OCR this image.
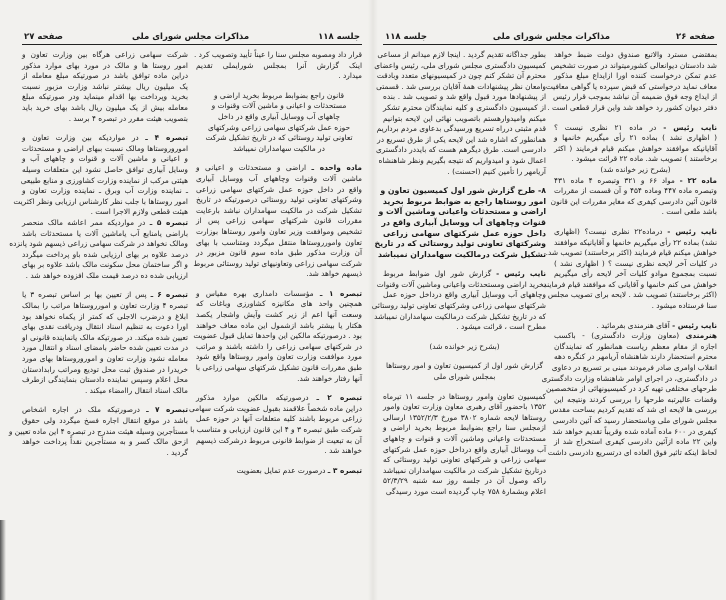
جلسه ۱۱۸
مذاکرات مجلس شورای ملی
صفحه ۲۷
قرار داد ومصوبه مجلس سنا را عیناً تأیید وتصویب کرد .
اینک گزارش آنرا بمجلس شورایملی تقدیم
میدارد .
قانون راجع بضوابط مربوط بخرید اراضی و
مستحدثات و اعیانی و ماشین آلات وقنوات و
چاههای آب ووسایل آبیاری واقع در داخل
حوزه عمل شرکتهای سهامی زراعی وشرکتهای
تعاونی تولید روستائی که در تاریخ تشکیل شرکت
در مالکیت سهامداران نمیباشد
ماده واحده ـ اراضی و مستحدثات و اعیانی و
ماشین آلات وقنوات وچاههای آب ووسایل آبیاری
واقع در داخل حوزه عمل شرکتهای سهامی زراعی
وشرکتهای تعاونی تولید روستائی درصورتیکه در تاریخ
تشکیل شرکت در مالکیت سهامداران نباشد بارعایت
مقررات قانون شرکتهای سهامی زراعی پس از
تشخیص وموافقت وزیر تعاون وامور روستاها بوزارت
تعاون وامورروستاها منتقل میگردد ومتناسب با بهای
آن وزارت مذکور طبق ماده سوم قانون مزبور در
شرکت سهامی زراعی وتعاونیهای تولید روستائی مربوط
ذیسهم خواهد شد.
تبصره ۱ ـ مؤسسات دامداری بهره مقیاس و
همچنین واحد های مکانیزه کشاورزی وباغات که
وسعت آنها اعم از زیر کشت وآیش واشجار یکصد
هکتار یا بیشتر باشد ازشمول این ماده معاف خواهند
بود . درصورتیکه مالکین این واحدها تمایل قبول عضویت
در شرکتهای سهامی زراعی را داشته باشند و مراتب
مورد موافقت وزارت تعاون وامور روستاها واقع شود
طبق مقررات قانون تشکیل شرکتهای سهامی زراعی با
آنها رفتار خواهند شد.
تبصره ۲ ـ درصورتیکه مالکین موارد مذکور
دراین ماده شخصاً علاقمند بقبول عضویت شرکت سهامی
زراعی مربوط باشند کلیه متعلقات آنها در حوزه عمل
شرکت طبق تبصره ۳ و ۴ این قانون ارزیابی و متناسب با
آن به تبعیت از ضوابط قانونی مربوط درشرکت ذیسهم
خواهند شد .
تبصره ۳ ـ درصورت عدم تمایل بعضویت
شرکت سهامی زراعی هرگاه بین وزارت تعاون و
امور روستا ها و مالک در مورد بهای موارد مذکور
دراین ماده توافق باشد در صورتیکه مبلغ معامله از
یک میلیون ریال بیشتر نباشد وزارت مزبور نسبت
بخرید وپرداخت بها اقدام مینماید ودر صورتیکه مبلغ
معامله بیش از یک میلیون ریال باشد بهای خرید باید
بتصویب هیئت مقرر در تبصره ۴ برسد .
تبصره ۴ ـ در مواردیکه بین وزارت تعاون و
اموروروستاها ومالک نسبت ببهای اراضی و مستحدثات
و اعیانی و ماشین آلات و قنوات و چاههای آب و
وسایل آبیاری توافق حاصل نشود این متعلقات وسیله
هیئتی مرکب از نماینده وزارت کشاورزی و منابع طبیعی
ـ نماینده وزارت آب وبرق ـ نماینده وزارت تعاون و
امور روستاها با جلب نظر کارشناس ارزیابی ونظر اکثریت
هیئت قطعی ولازم الاجرا است .
تبصره ۵ ـ در مواردیکه ممر اعاشه مالک منحصر
باراضی یامنابع آب یاماشین آلات یا مستحدثات باشد
ومالک نخواهد در شرکت سهامی زراعی ذیسهم شود پانزده
درصد علاوه بر بهای ارزیابی شده باو پرداخت میگردد
و اگر ساختمان محل سکونت مالک باشد علاوه بر بهای
ارزیابی شده ده درصد قیمت ملک افزوده خواهد شد .
تبصره ۶ ـ پس از تعیین بها بر اساس تبصره ۳ یا
تبصره ۴ وزارت تعاون و امورروستاها مراتب را بمالک
ابلاغ و درضرب الاجلی که کمتر از یکماه نخواهد بود
اورا دعوت به تنظیم اسناد انتقال ودریافت نقدی بهای
تعیین شده میکند. در صورتیکه مالک یانماینده قانونی او
در مدت تعیین شده حاضر بامضای اسناد و انتقال مورد
معامله نشود وزارت تعاون و اموروروستاها بهای مورد
خریدرا در صندوق ثبت محل تودیع ومراتب رابدادستان
محل اعلام وسپس نماینده دادستان بنمایندگی ازطرف
مالک اسناد انتقال راامضاء میکند .
تبصره ۷ ـ درصورتیکه ملک در اجاره اشخاص
باشد در موقع انتقال اجاره فسخ میگردد ولی حقوق
مستأجرین وسیله هیئت مندرج در تبصره ۴ این ماده تعیین و
ازحق مالک کسر و به مستأجرین نقداً پرداخت خواهد
گردید .
صفحه ۲۶
مذاکرات مجلس شورای ملی
جلسه ۱۱۸
بمقتضی مسترد والاتبع صندوق دولت ضبط خواهد
شد دادستان دیوانعالی کشورمیتواند در صورت تشخیص
عدم تمکن درخواست کننده اورا ازایداع مبلغ مذکور
معاف نماید درخواستی که قبض سپرده یا گواهی معافیت
از ایداع وجه فوق ضمیمه آن نباشد بموجب قرار رئیس
دفتر دیوان کشور رد خواهد شد واین قرار قطعی است .
نایب رئیس - در ماده ۲۱ نظری نیست ؟
( اظهاری نشد ) بماده ۲۱ رأی میگیریم خانمها و
آقایانیکه موافقند خواهش میکنم قیام فرمایند ( اکثر
برخاستند ) تصویب شد. ماده ۲۲ قرائت میشود .
(بشرح زیر خوانده شد)
ماده ۲۲ - مواد ۶۶ و ۳۲۱ وتبصره ۴ ماده ۴۳۱
وتبصره ماده ۴۴۷ وماده ۴۵۴ و آن قسمت از مقررات
قانون آئین دادرسی کیفری که مغایر مقررات این قانون
باشد ملغی است .
نایب رئیس - درماده۲۲ نظری نیست؟ (اظهاری
نشد) بماده ۲۲ رأی میگیریم خانمها و آقایانیکه موافقند
خواهش میکنم قیام فرمایند (اکثر برخاستند) تصویب شد.
در کلیات آخر لایحه نظری نیست ؟ ( اظهاری نشد )
نسبت بمجموع موادو کلیات آخر لایحه رأی میگیریم
خواهش می کنم خانمها و آقایانی که موافقند قیام فرمایند
(اکثر برخاستند) تصویب شد . لایحه برای تصویب مجلس
سنا فرستاده میشود .
نایب رئیس - آقای هنرمندی بفرمائید .
هنرمندی (معاون وزارت دادگستری) - باکسب
اجازه از مقام معظم ریاست همانطور که نمایندگان
محترم استحضار دارند شاهنشاه آریامهر در کنگره دهه
انقلاب اوامری صادر فرمودند مبنی بر تسریع در دعاوی
در دادگستری، در اجرای اوامر شاهنشاه وزارت دادگستری
طرحهای مختلفی تهیه کرد در کمیسیونهائی از متخصصین
وقضات عالیرتبه طرحها را بررسی کردند ونتیجه این
بررسی ها لایحه ای شد که تقدیم کردیم بساحت مقدس
مجلس شورای ملی وباستحضار رسید که آئین دادرسی
کیفری در ۶۰۰ ماده آماده شده وقریباً تقدیم خواهد شد
واین ۲۲ ماده ازآئین دادرسی کیفری استخراج شد از
لحاظ اینکه تاثیر فوق العاده ای درتسریع دادرسی داشت
بطور جداگانه تقدیم گردید . اینجا لازم میدانم از مساعی
کمیسیون دادگستری مجلس شورای ملی، رئیس واعضای
محترم آن تشکر کنم چون در کمیسیونهای متعدد وبادقت
وامعان نظر پیشنهادات همهٔ آقایان بررسی شد . قسمتی
از پیشنهادها مورد قبول واقع شد و تصویب شد . بنده
از کمیسیون دادگستری و کلیه نمایندگان محترم تشکر
میکنم وامیدوارهستم باتصویب نهائی این لایحه بتوانیم
قدم مثبتی درراه تسریع ورسیدگی بدعاوی مردم برداریم
همانطور که اشاره شد این لایحه یکی از طرق تسریع در
دادرسی است. طرق دیگرهم هست که بایددر دادگستری
اعمال شود و امیدواریم که نتیجه بگیریم ونظر شاهنشاه
آریامهر را تأمین کنیم (احسنت) .
۸- طرح گزارش شور اول کمیسیون تعاون و
امور روستاها راجع به ضوابط مربوط بخرید
اراضی و مستحدثات واعیانی وماشین آلات و
قنوات وچاههای آب ووسایل آبیاری واقع در
داخل حوزه عمل شرکتهای سهامی زراعی
وشرکتهای تعاونی تولید روستائی که در تاریخ
تشکیل شرکت درمالکیت سهامداران نمیباشد
نایب رئیس - گزارش شور اول ضوابط مربوط
بخرید اراضی ومستحدثات واعیانی وماشین آلات وقنوات
وچاههای آب ووسایل آبیاری واقع درداخل حوزه عمل
شرکتهای سهامی زراعی وشرکتهای تعاونی تولید روستائی
که در تاریخ تشکیل شرکت درمالکیت سهامداران نمیباشد
مطرح است ، قرائت میشود .
(بشرح زیر خوانده شد)
گزارش شور اول از کمیسیون تعاون و امور روستاها
بمجلس شورای ملی
کمیسیون تعاون وامور روستاها در جلسه ۱۱ تیرماه
۱۳۵۲ باحضور آقای رهبری معاون وزارت تعاون وامور
روستاها لایحه شماره ۳۸۰۲ مورخ ۱۳۵۲/۲/۳ ارسالی
ازمجلس سنا راجع بضوابط مربوط بخرید اراضی و
مستحدثات واعیانی وماشین آلات و قنوات و چاههای
آب ووسائل آبیاری واقع درداخل حوزه عمل شرکتهای
سهامی زراعی و شرکتهای تعاونی تولید روستائی که
درتاریخ تشکیل شرکت در مالکیت سهامداران نمیباشد
راکه وصول آن در جلسه روز سه شنبه ۵۲/۳/۲۹
اعلام وبشمارهٔ ۷۵۸ چاپ گردیده است مورد رسیدگی
